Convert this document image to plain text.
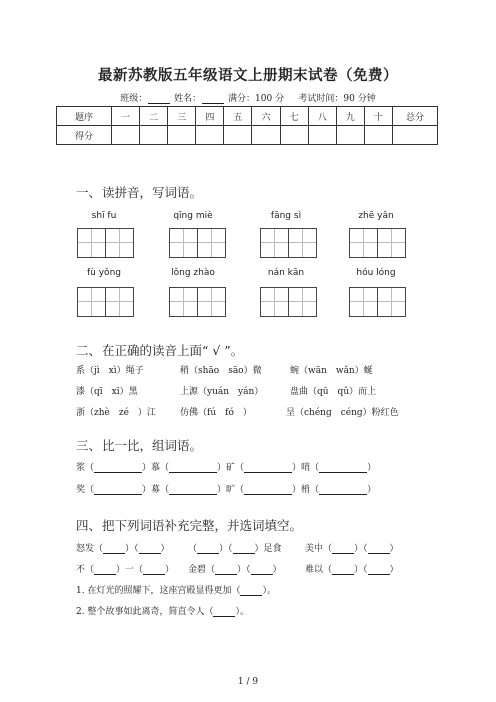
最新苏教版五年级语文上册期末试卷（免费）
班级：	姓名：	满分：100 分 考试时间：90 分钟
题序	一	二	三	四	五	六	七	八	九	十	总分
得分											
一、读拼音，写词语。
shī fu	qīng miè	fāng sì	zhē yǎn
fù yǒng	lǒng zhào	nán kān	hóu lóng
二、在正确的读音上面“ √ ”。
系（jì　xì）绳子	稍（shāo　sāo）微	蜿（wān　wǎn）蜒
漆（qī　xī）黑	上源（yuán　yán）	盘曲（qū　qǔ）而上
浙（zhè　zé　）江	仿佛（fú　fó　）	呈（chéng　céng）粉红色
三、比一比，组词语。
浆（	）慕（	）矿（	）哨（	）
奖（	）募（	）旷（	）梢（	）
四、把下列词语补充完整，并选词填空。
怒发（ ）（ ） （ ）（ ）足食	美中（ ）（ ）
不（ ）一（ ） 金碧（ ）（ ）	难以（ ）（ ）
1. 在灯光的照耀下，这座宫殿显得更加（ ）。
2. 整个故事如此离奇，简直令人（ ）。
1 / 9
